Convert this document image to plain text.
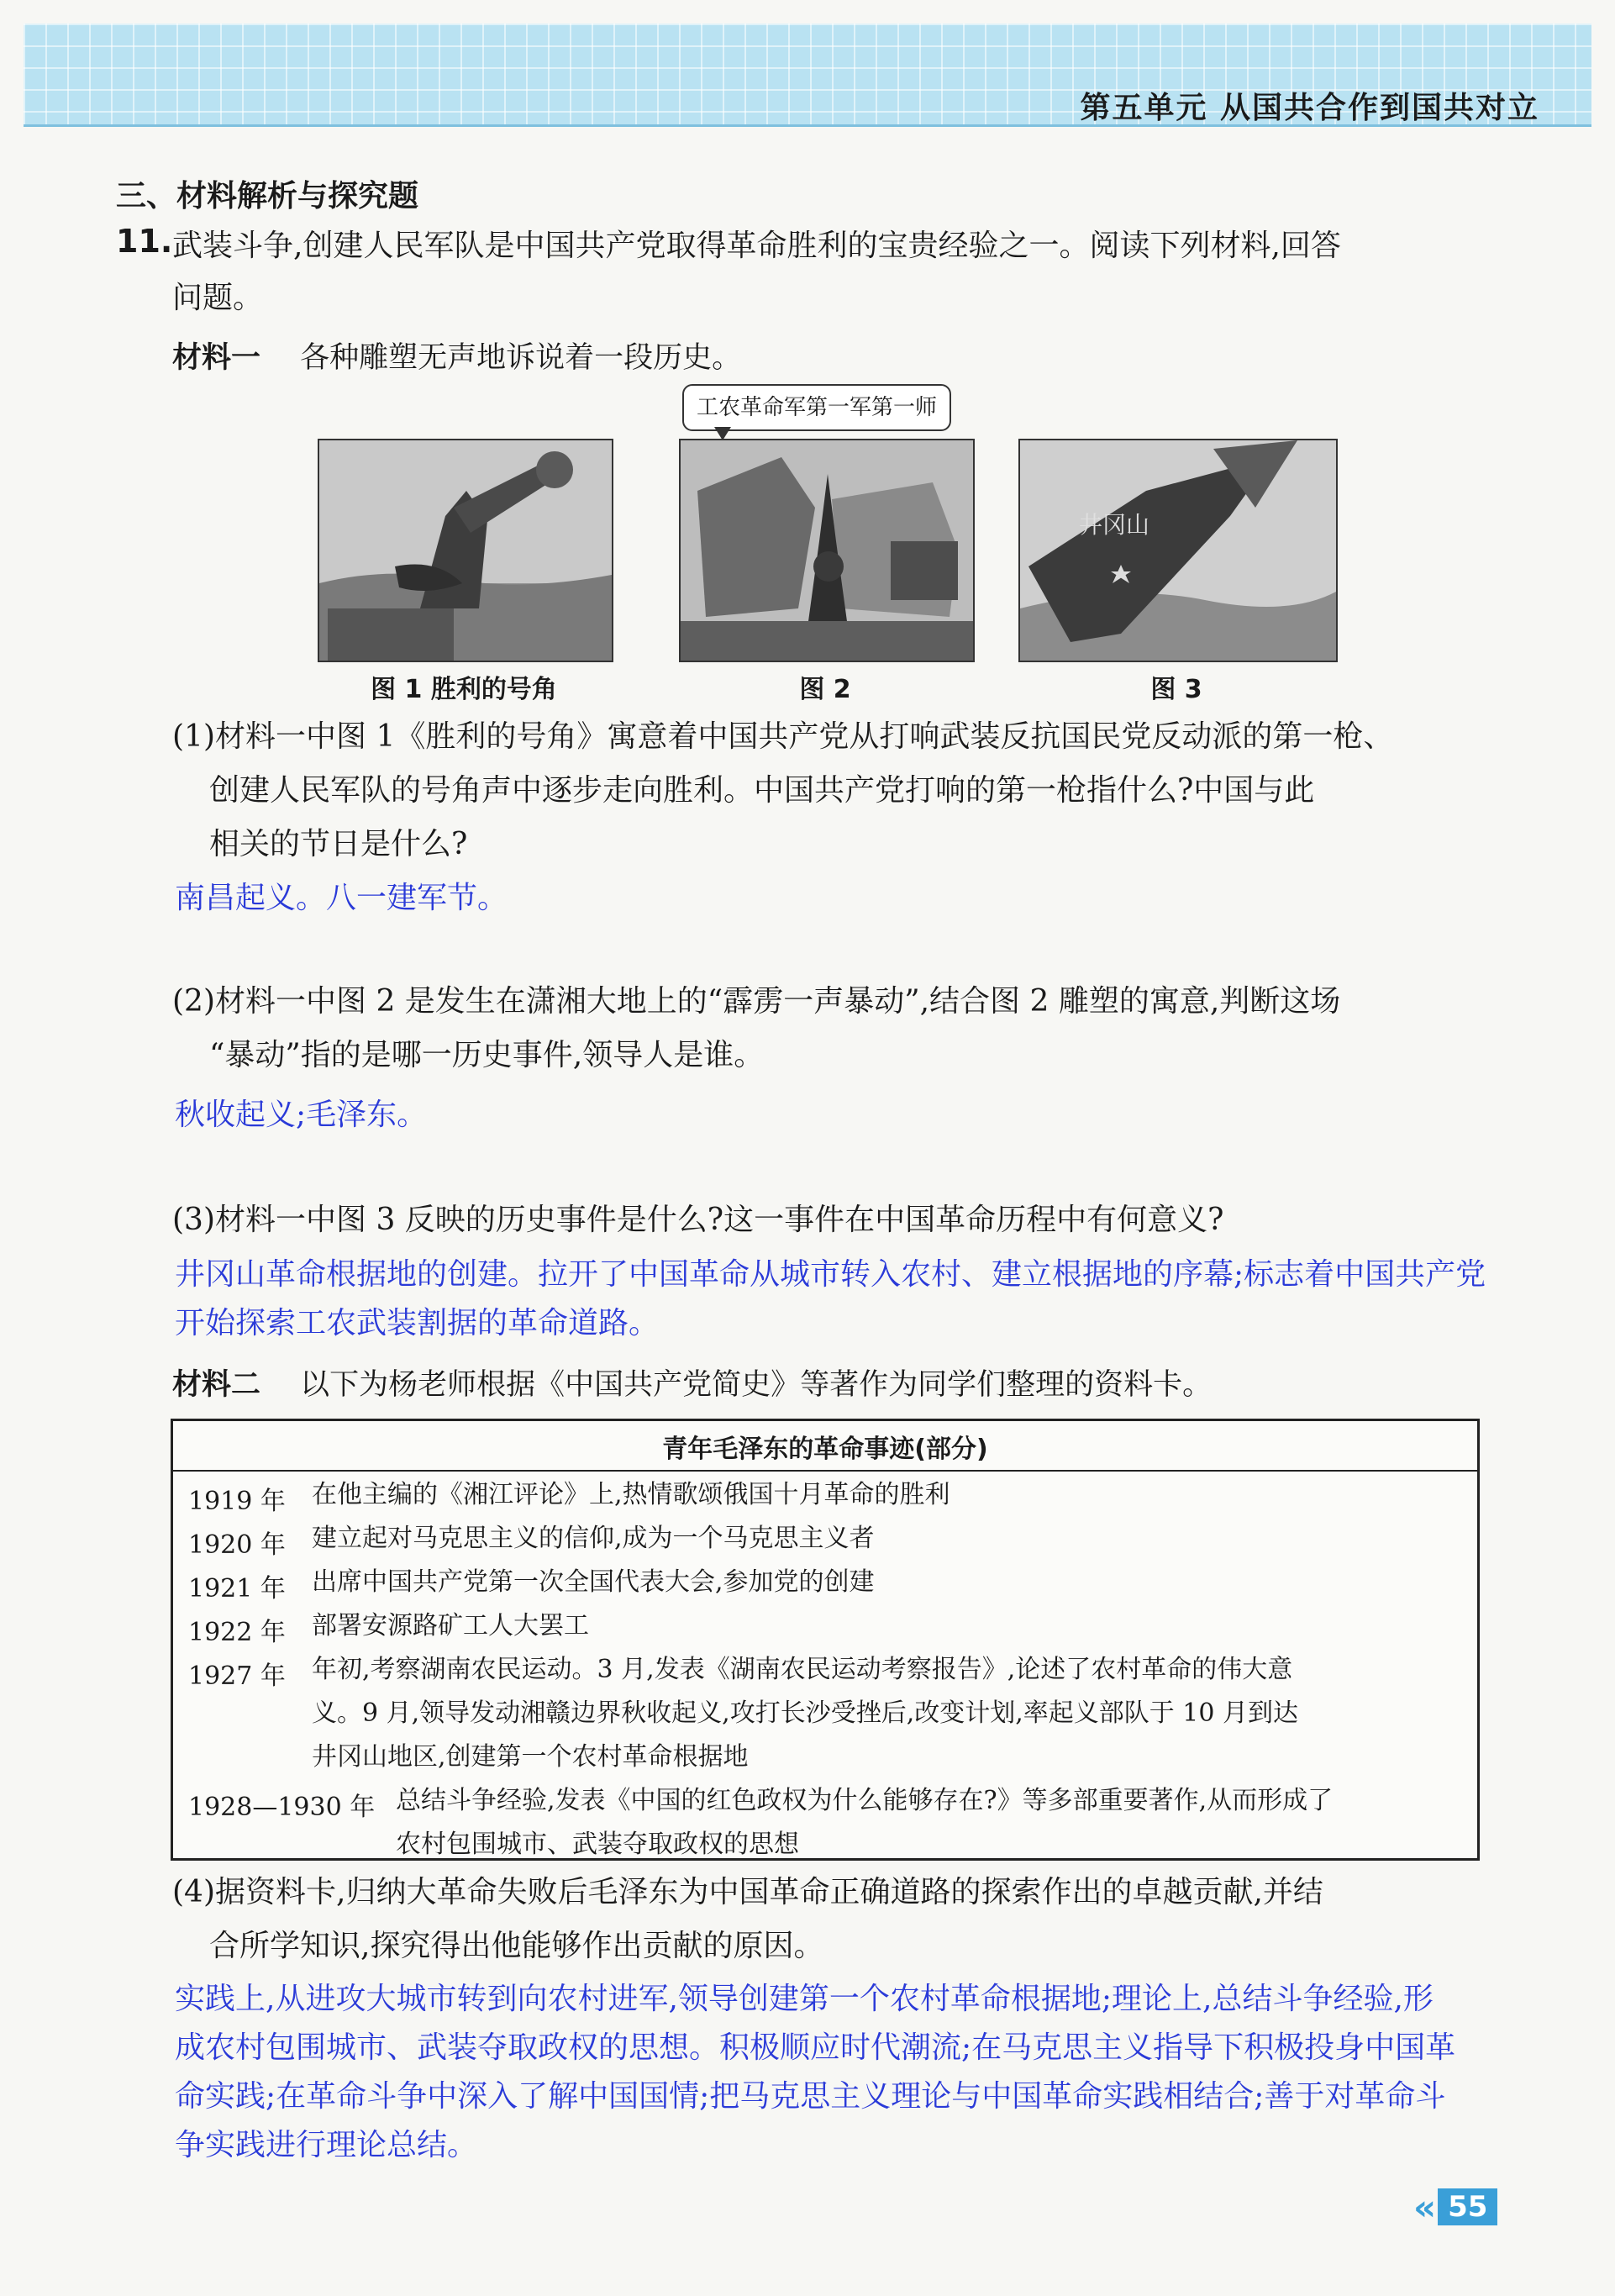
第五单元 从国共合作到国共对立
三、材料解析与探究题
11. 武装斗争,创建人民军队是中国共产党取得革命胜利的宝贵经验之一。阅读下列材料,回答
问题。
材料一 各种雕塑无声地诉说着一段历史。
工农革命军第一军第一师
井冈山
图 1 胜利的号角	图 2	图 3
(1)材料一中图 1《胜利的号角》寓意着中国共产党从打响武装反抗国民党反动派的第一枪、
创建人民军队的号角声中逐步走向胜利。中国共产党打响的第一枪指什么?中国与此
相关的节日是什么?
南昌起义。八一建军节。
(2)材料一中图 2 是发生在潇湘大地上的“霹雳一声暴动”,结合图 2 雕塑的寓意,判断这场
“暴动”指的是哪一历史事件,领导人是谁。
秋收起义;毛泽东。
(3)材料一中图 3 反映的历史事件是什么?这一事件在中国革命历程中有何意义?
井冈山革命根据地的创建。拉开了中国革命从城市转入农村、建立根据地的序幕;标志着中国共产党
开始探索工农武装割据的革命道路。
材料二 以下为杨老师根据《中国共产党简史》等著作为同学们整理的资料卡。
青年毛泽东的革命事迹(部分)
1919 年 在他主编的《湘江评论》上,热情歌颂俄国十月革命的胜利
1920 年 建立起对马克思主义的信仰,成为一个马克思主义者
1921 年 出席中国共产党第一次全国代表大会,参加党的创建
1922 年 部署安源路矿工人大罢工
1927 年 年初,考察湖南农民运动。3 月,发表《湖南农民运动考察报告》,论述了农村革命的伟大意
义。9 月,领导发动湘赣边界秋收起义,攻打长沙受挫后,改变计划,率起义部队于 10 月到达
井冈山地区,创建第一个农村革命根据地
1928—1930 年 总结斗争经验,发表《中国的红色政权为什么能够存在?》等多部重要著作,从而形成了
农村包围城市、武装夺取政权的思想
(4)据资料卡,归纳大革命失败后毛泽东为中国革命正确道路的探索作出的卓越贡献,并结
合所学知识,探究得出他能够作出贡献的原因。
实践上,从进攻大城市转到向农村进军,领导创建第一个农村革命根据地;理论上,总结斗争经验,形
成农村包围城市、武装夺取政权的思想。积极顺应时代潮流;在马克思主义指导下积极投身中国革
命实践;在革命斗争中深入了解中国国情;把马克思主义理论与中国革命实践相结合;善于对革命斗
争实践进行理论总结。
« 55
